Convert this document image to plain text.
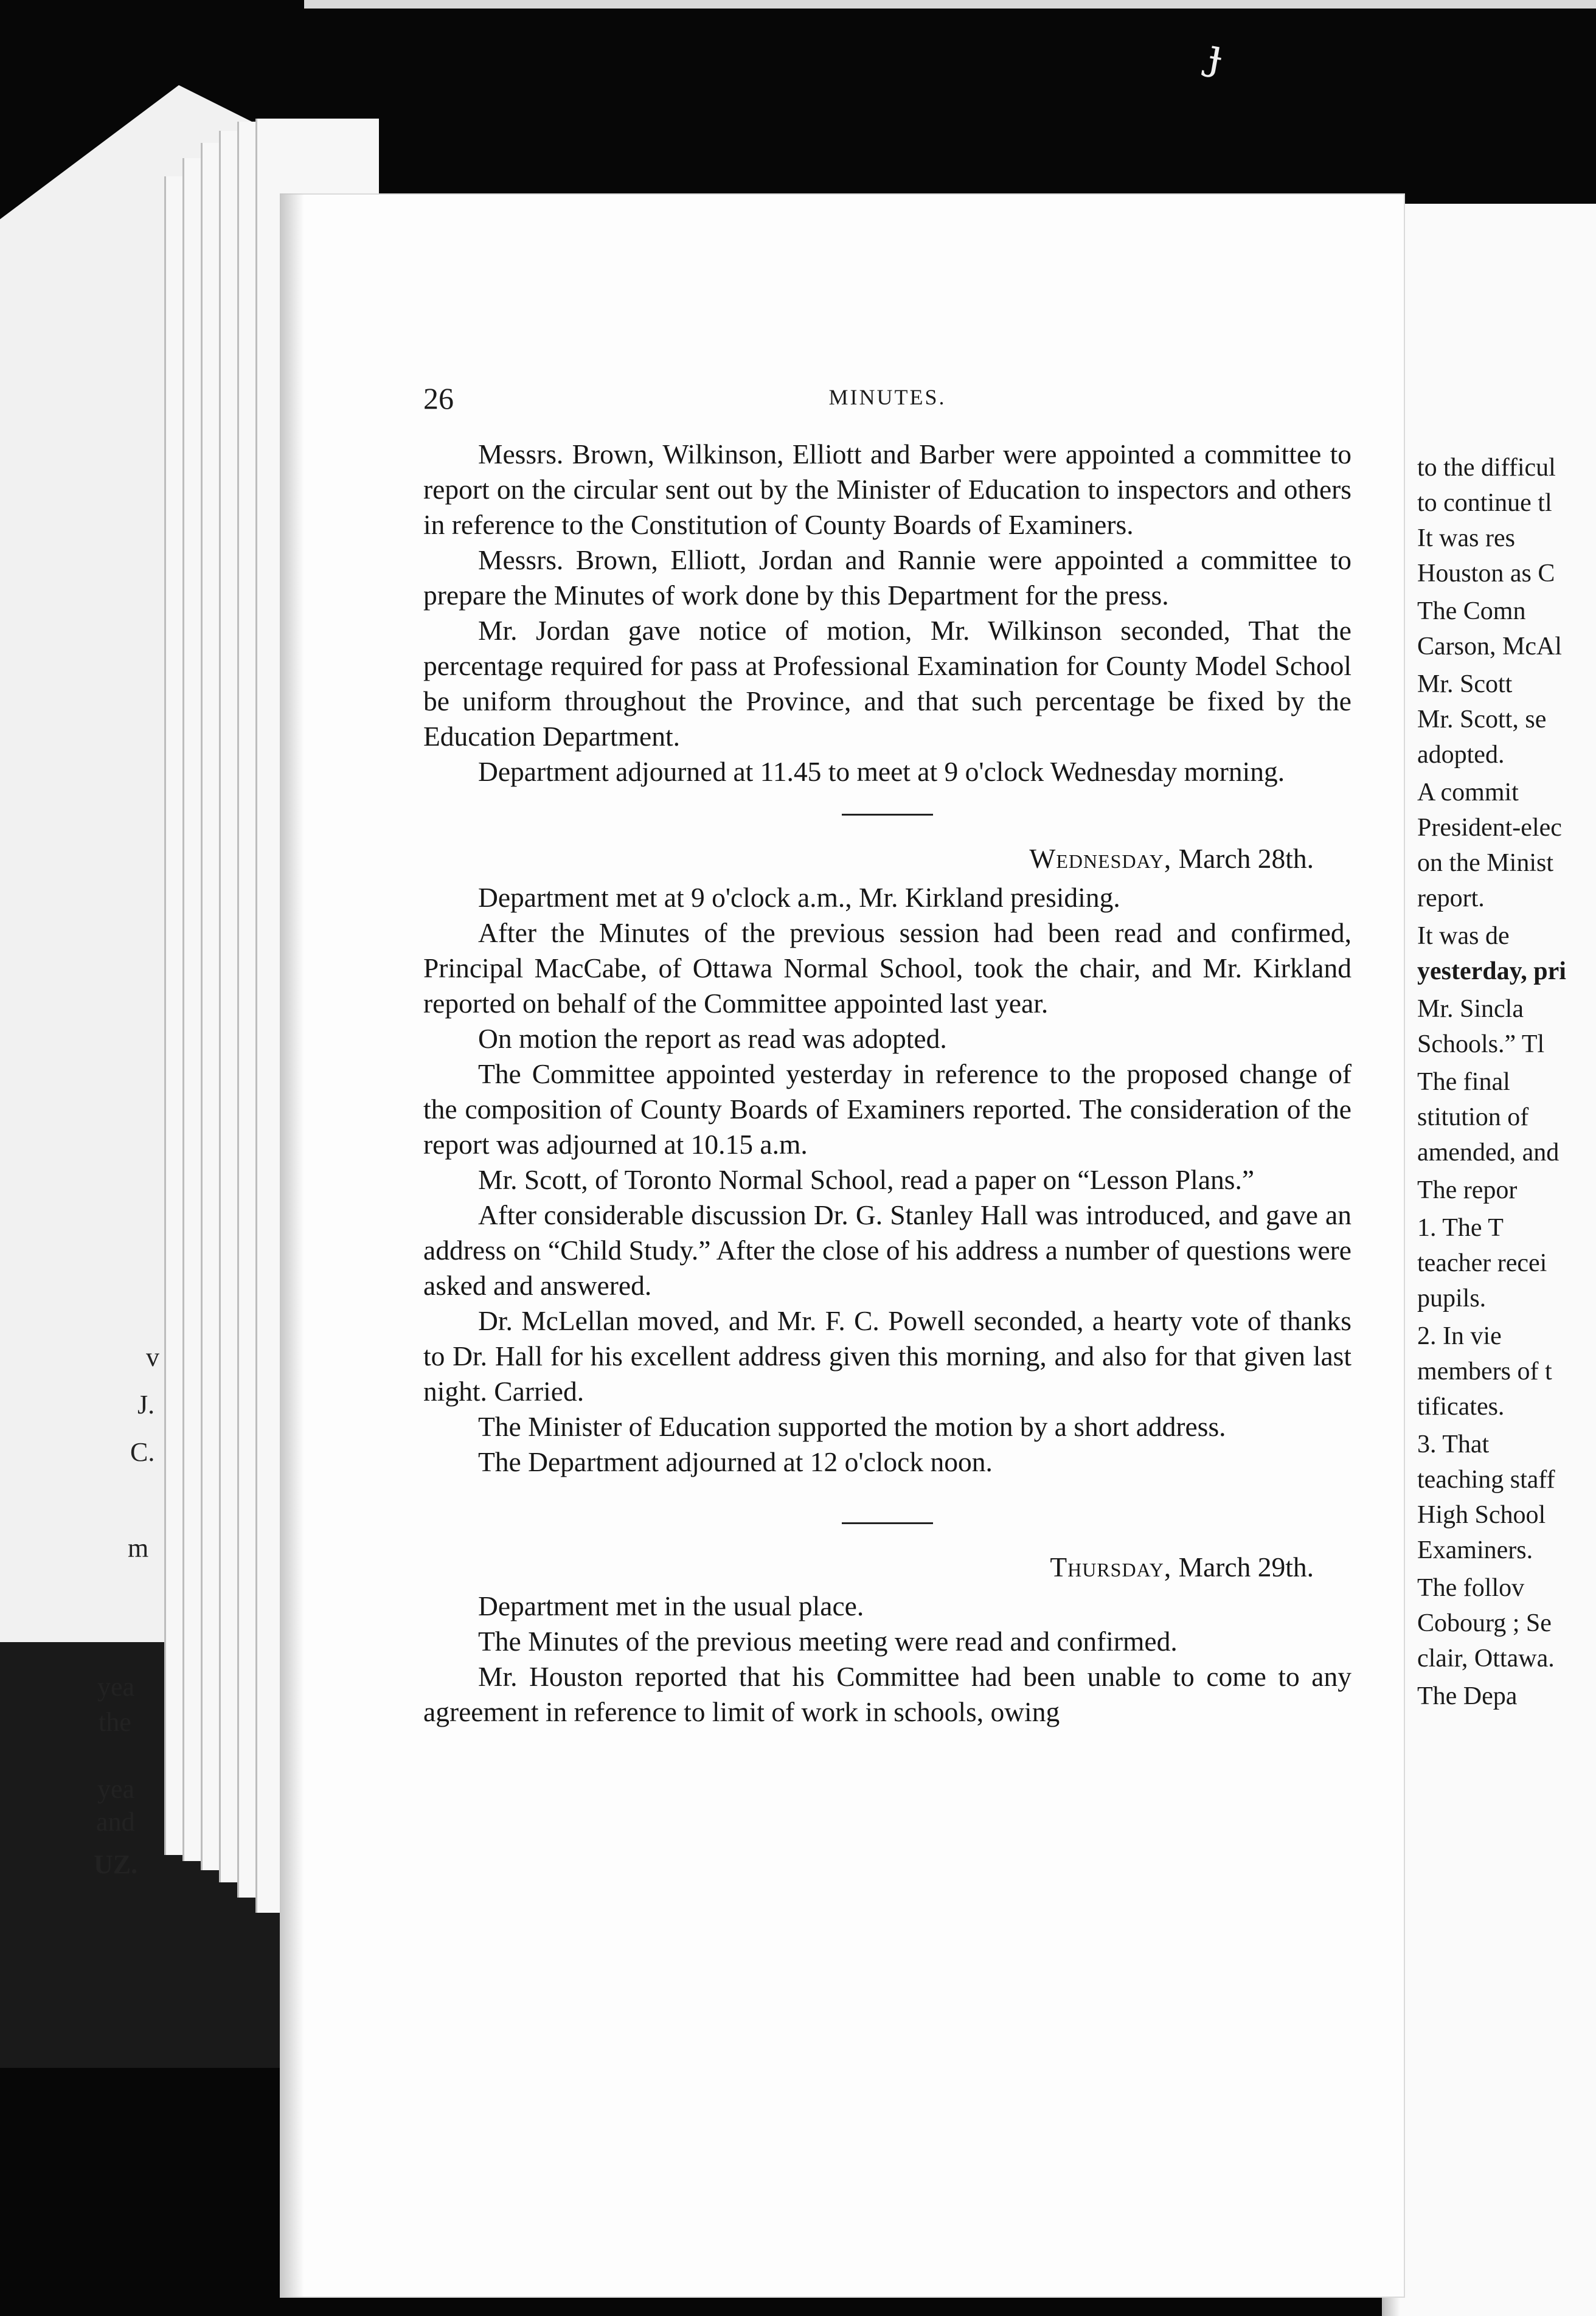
ɟ
v
J.
C.
m
yea
the
yea
and
UZ.
26	MINUTES.

Messrs. Brown, Wilkinson, Elliott and Barber were appointed a committee to report on the circular sent out by the Minister of Education to inspectors and others in reference to the Constitution of County Boards of Examiners.

Messrs. Brown, Elliott, Jordan and Rannie were appointed a committee to prepare the Minutes of work done by this Department for the press.

Mr. Jordan gave notice of motion, Mr. Wilkinson seconded, That the percentage required for pass at Professional Examination for County Model School be uniform throughout the Province, and that such percentage be fixed by the Education Department.

Department adjourned at 11.45 to meet at 9 o'clock Wednesday morning.

Wednesday, March 28th.

Department met at 9 o'clock a.m., Mr. Kirkland presiding.

After the Minutes of the previous session had been read and confirmed, Principal MacCabe, of Ottawa Normal School, took the chair, and Mr. Kirkland reported on behalf of the Committee appointed last year.

On motion the report as read was adopted.

The Committee appointed yesterday in reference to the proposed change of the composition of County Boards of Examiners reported. The consideration of the report was adjourned at 10.15 a.m.

Mr. Scott, of Toronto Normal School, read a paper on “Lesson Plans.”

After considerable discussion Dr. G. Stanley Hall was introduced, and gave an address on “Child Study.” After the close of his address a number of questions were asked and answered.

Dr. McLellan moved, and Mr. F. C. Powell seconded, a hearty vote of thanks to Dr. Hall for his excellent address given this morning, and also for that given last night. Carried.

The Minister of Education supported the motion by a short address.

The Department adjourned at 12 o'clock noon.

Thursday, March 29th.

Department met in the usual place.

The Minutes of the previous meeting were read and confirmed.

Mr. Houston reported that his Committee had been unable to come to any agreement in reference to limit of work in schools, owing

to the difficul
to continue tl
It was res
Houston as C
The Comn
Carson, McAl
Mr. Scott
Mr. Scott, se
adopted.
A commit
President-elec
on the Minist
report.
It was de
yesterday, pri
Mr. Sincla
Schools.” Tl
The final
stitution of
amended, and
The repor
1. The T
teacher recei
pupils.
2. In vie
members of t
tificates.
3. That
teaching staff
High School
Examiners.
The follov
Cobourg ; Se
clair, Ottawa.
The Depa
